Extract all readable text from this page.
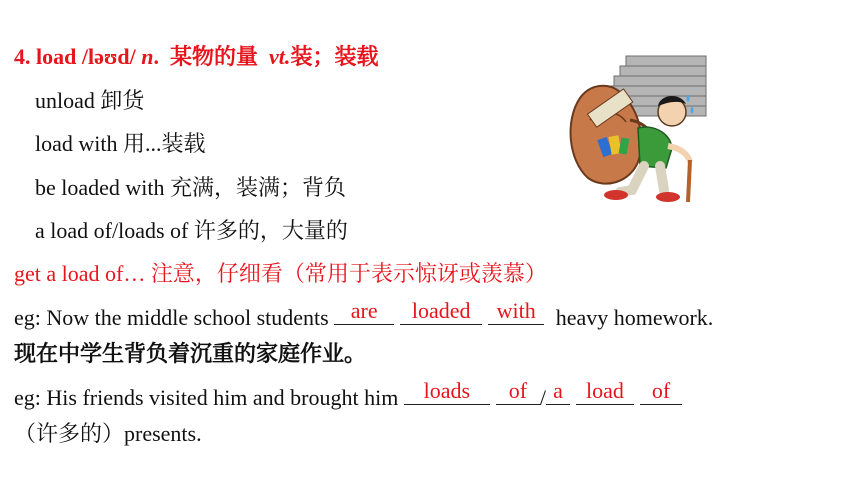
4. load /ləʊd/ n. 某物的量 vt.装；装载
unload 卸货
load with 用...装载
be loaded with 充满，装满；背负
a load of/loads of 许多的，大量的
get a load of… 注意，仔细看（常用于表示惊讶或羡慕）
eg: Now the middle school students are	loaded	with heavy homework.
现在中学生背负着沉重的家庭作业。
eg: His friends visited him and brought him loads	of / a	load	of
（许多的）presents.
